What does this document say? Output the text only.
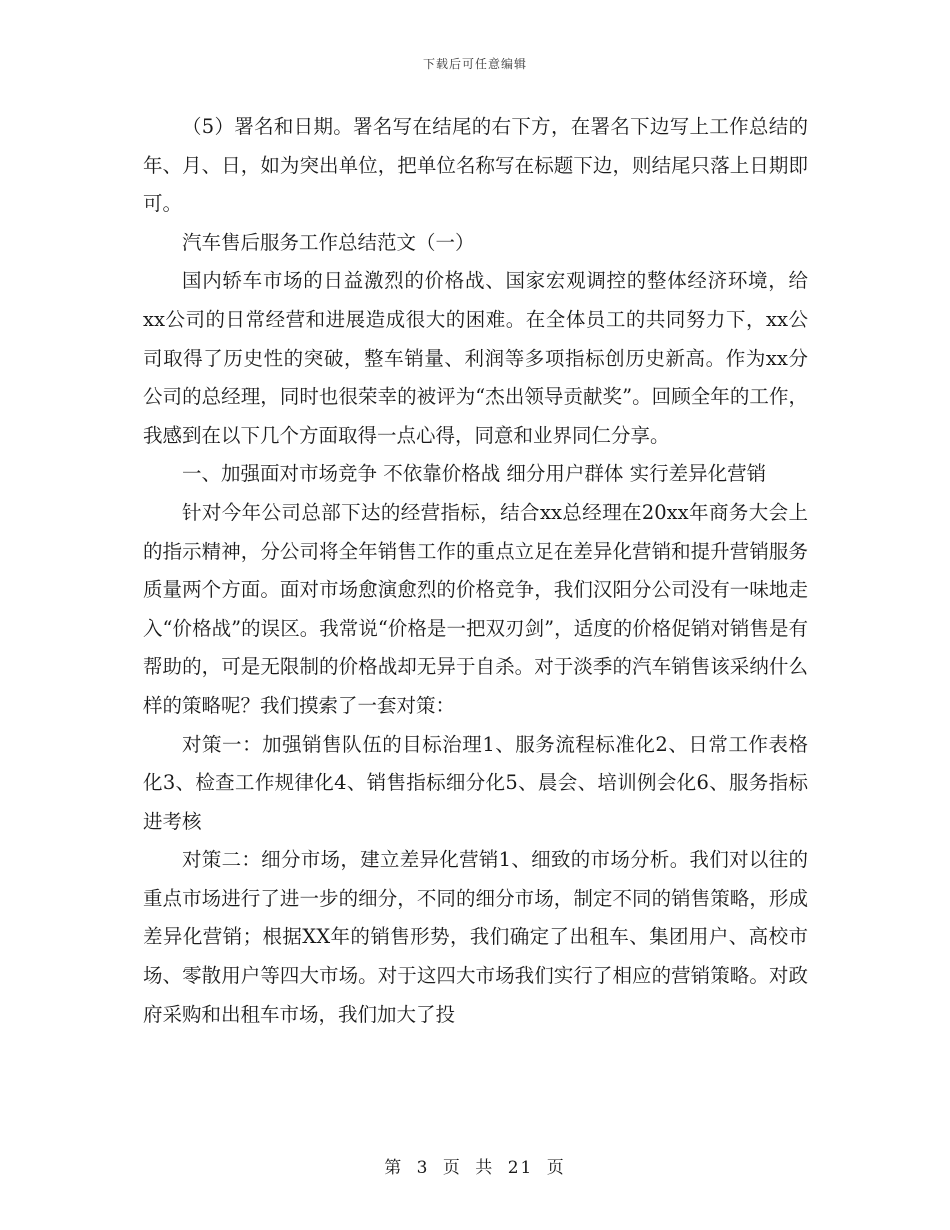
下载后可任意编辑

（5）署名和日期。署名写在结尾的右下方，在署名下边写上工作总结的年、月、日，如为突出单位，把单位名称写在标题下边，则结尾只落上日期即可。

汽车售后服务工作总结范文（一）

国内轿车市场的日益激烈的价格战、国家宏观调控的整体经济环境，给xx公司的日常经营和进展造成很大的困难。在全体员工的共同努力下，xx公司取得了历史性的突破，整车销量、利润等多项指标创历史新高。作为xx分公司的总经理，同时也很荣幸的被评为“杰出领导贡献奖”。回顾全年的工作，我感到在以下几个方面取得一点心得，同意和业界同仁分享。

一、加强面对市场竞争 不依靠价格战 细分用户群体 实行差异化营销

针对今年公司总部下达的经营指标，结合xx总经理在20xx年商务大会上的指示精神，分公司将全年销售工作的重点立足在差异化营销和提升营销服务质量两个方面。面对市场愈演愈烈的价格竞争，我们汉阳分公司没有一味地走入“价格战”的误区。我常说“价格是一把双刃剑”，适度的价格促销对销售是有帮助的，可是无限制的价格战却无异于自杀。对于淡季的汽车销售该采纳什么样的策略呢？我们摸索了一套对策：

对策一：加强销售队伍的目标治理1、服务流程标准化2、日常工作表格化3、检查工作规律化4、销售指标细分化5、晨会、培训例会化6、服务指标进考核

对策二：细分市场，建立差异化营销1、细致的市场分析。我们对以往的重点市场进行了进一步的细分，不同的细分市场，制定不同的销售策略，形成差异化营销；根据XX年的销售形势，我们确定了出租车、集团用户、高校市场、零散用户等四大市场。对于这四大市场我们实行了相应的营销策略。对政府采购和出租车市场，我们加大了投

第 3 页 共 21 页
